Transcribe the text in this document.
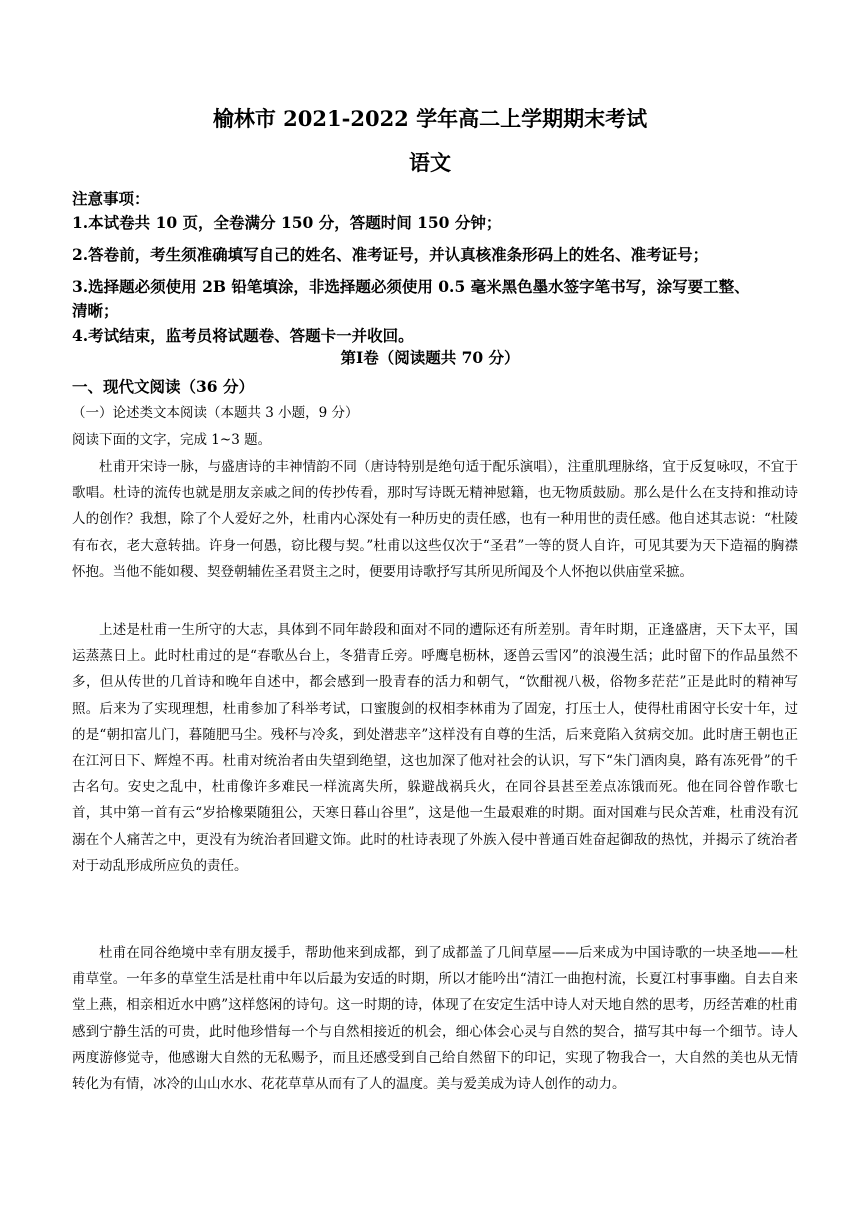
榆林市 2021-2022 学年高二上学期期末考试
语文
注意事项：
1.本试卷共 10 页，全卷满分 150 分，答题时间 150 分钟；
2.答卷前，考生须准确填写自己的姓名、准考证号，并认真核准条形码上的姓名、准考证号；
3.选择题必须使用 2B 铅笔填涂，非选择题必须使用 0.5 毫米黑色墨水签字笔书写，涂写要工整、
清晰；
4.考试结束，监考员将试题卷、答题卡一并收回。
第Ⅰ卷（阅读题共 70 分）
一、现代文阅读（36 分）
（一）论述类文本阅读（本题共 3 小题，9 分）
阅读下面的文字，完成 1~3 题。

杜甫开宋诗一脉，与盛唐诗的丰神情韵不同（唐诗特别是绝句适于配乐演唱），注重肌理脉络，宜于反复咏叹，不宜于歌唱。杜诗的流传也就是朋友亲戚之间的传抄传看，那时写诗既无精神慰籍，也无物质鼓励。那么是什么在支持和推动诗人的创作？我想，除了个人爱好之外，杜甫内心深处有一种历史的责任感，也有一种用世的责任感。他自述其志说：“杜陵有布衣，老大意转拙。许身一何愚，窃比稷与契。”杜甫以这些仅次于“圣君”一等的贤人自许，可见其要为天下造福的胸襟怀抱。当他不能如稷、契登朝辅佐圣君贤主之时，便要用诗歌抒写其所见所闻及个人怀抱以供庙堂采摭。

上述是杜甫一生所守的大志，具体到不同年龄段和面对不同的遭际还有所差别。青年时期，正逢盛唐，天下太平，国运蒸蒸日上。此时杜甫过的是“春歌丛台上，冬猎青丘旁。呼鹰皂枥林，逐兽云雪冈”的浪漫生活；此时留下的作品虽然不多，但从传世的几首诗和晚年自述中，都会感到一股青春的活力和朝气，“饮酣视八极，俗物多茫茫”正是此时的精神写照。后来为了实现理想，杜甫参加了科举考试，口蜜腹剑的权相李林甫为了固宠，打压士人，使得杜甫困守长安十年，过的是“朝扣富儿门，暮随肥马尘。残杯与冷炙，到处潜悲辛”这样没有自尊的生活，后来竟陷入贫病交加。此时唐王朝也正在江河日下、辉煌不再。杜甫对统治者由失望到绝望，这也加深了他对社会的认识，写下“朱门酒肉臭，路有冻死骨”的千古名句。安史之乱中，杜甫像许多难民一样流离失所，躲避战祸兵火，在同谷县甚至差点冻饿而死。他在同谷曾作歌七首，其中第一首有云“岁拾橡栗随狙公，天寒日暮山谷里”，这是他一生最艰难的时期。面对国难与民众苦难，杜甫没有沉溺在个人痛苦之中，更没有为统治者回避文饰。此时的杜诗表现了外族入侵中普通百姓奋起御敌的热忱，并揭示了统治者对于动乱形成所应负的责任。

杜甫在同谷绝境中幸有朋友援手，帮助他来到成都，到了成都盖了几间草屋——后来成为中国诗歌的一块圣地——杜甫草堂。一年多的草堂生活是杜甫中年以后最为安适的时期，所以才能吟出“清江一曲抱村流，长夏江村事事幽。自去自来堂上燕，相亲相近水中鸥”这样悠闲的诗句。这一时期的诗，体现了在安定生活中诗人对天地自然的思考，历经苦难的杜甫感到宁静生活的可贵，此时他珍惜每一个与自然相接近的机会，细心体会心灵与自然的契合，描写其中每一个细节。诗人两度游修觉寺，他感谢大自然的无私赐予，而且还感受到自己给自然留下的印记，实现了物我合一，大自然的美也从无情转化为有情，冰冷的山山水水、花花草草从而有了人的温度。美与爱美成为诗人创作的动力。
